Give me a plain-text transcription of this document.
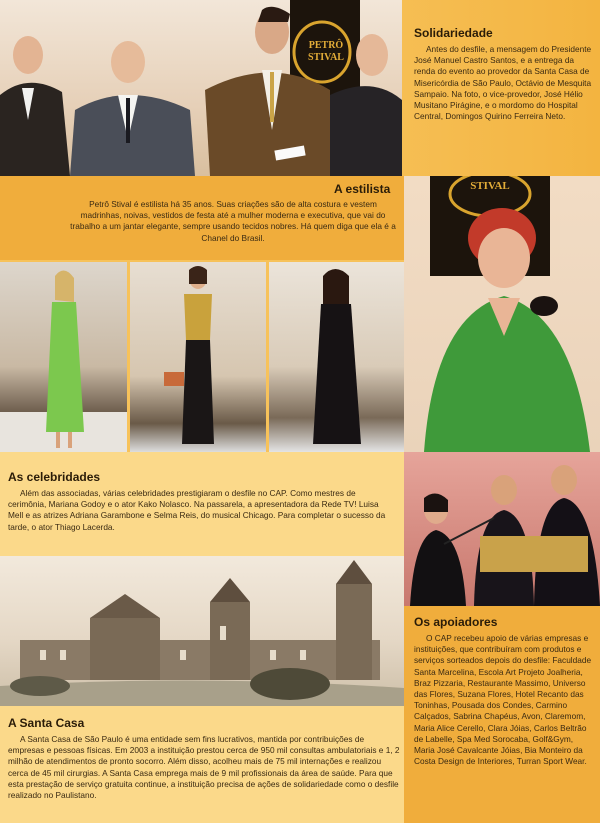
PETRÔ STIVAL
Solidariedade

Antes do desfile, a mensagem do Presidente José Manuel Castro Santos, e a entrega da renda do evento ao provedor da Santa Casa de Misericórdia de São Paulo, Octávio de Mesquita Sampaio. Na foto, o vice-provedor, José Hélio Musitano Pirágine, e o mordomo do Hospital Central, Domingos Quirino Ferreira Neto.

A estilista

Petrô Stival é estilista há 35 anos. Suas criações são de alta costura e vestem madrinhas, noivas, vestidos de festa até a mulher moderna e executiva, que vai do trabalho a um jantar elegante, sempre usando tecidos nobres. Há quem diga que ela é a Chanel do Brasil.

STIVAL
As celebridades

Além das associadas, várias celebridades prestigiaram o desfile no CAP. Como mestres de cerimônia, Mariana Godoy e o ator Kako Nolasco. Na passarela, a apresentadora da Rede TV! Luisa Mell e as atrizes Adriana Garambone e Selma Reis, do musical Chicago. Para completar o sucesso da tarde, o ator Thiago Lacerda.

A Santa Casa

A Santa Casa de São Paulo é uma entidade sem fins lucrativos, mantida por contribuições de empresas e pessoas físicas. Em 2003 a instituição prestou cerca de 950 mil consultas ambulatoriais e 1, 2 milhão de atendimentos de pronto socorro. Além disso, acolheu mais de 75 mil internações e realizou cerca de 45 mil cirurgias. A Santa Casa emprega mais de 9 mil profissionais da área de saúde. Para que esta prestação de serviço gratuita continue, a instituição precisa de ações de solidariedade como o desfile realizado no Paulistano.

Os apoiadores

O CAP recebeu apoio de várias empresas e instituições, que contribuíram com produtos e serviços sorteados depois do desfile: Faculdade Santa Marcelina, Escola Art Projeto Joalheria, Braz Pizzaria, Restaurante Massimo, Universo das Flores, Suzana Flores, Hotel Recanto das Toninhas, Pousada dos Condes, Carmino Calçados, Sabrina Chapéus, Avon, Claremom, Maria Alice Cerello, Clara Jóias, Carlos Beltrão de Labelle, Spa Med Sorocaba, Golf&Gym, Maria José Cavalcante Jóias, Bia Monteiro da Costa Design de Interiores, Turran Sport Wear.
